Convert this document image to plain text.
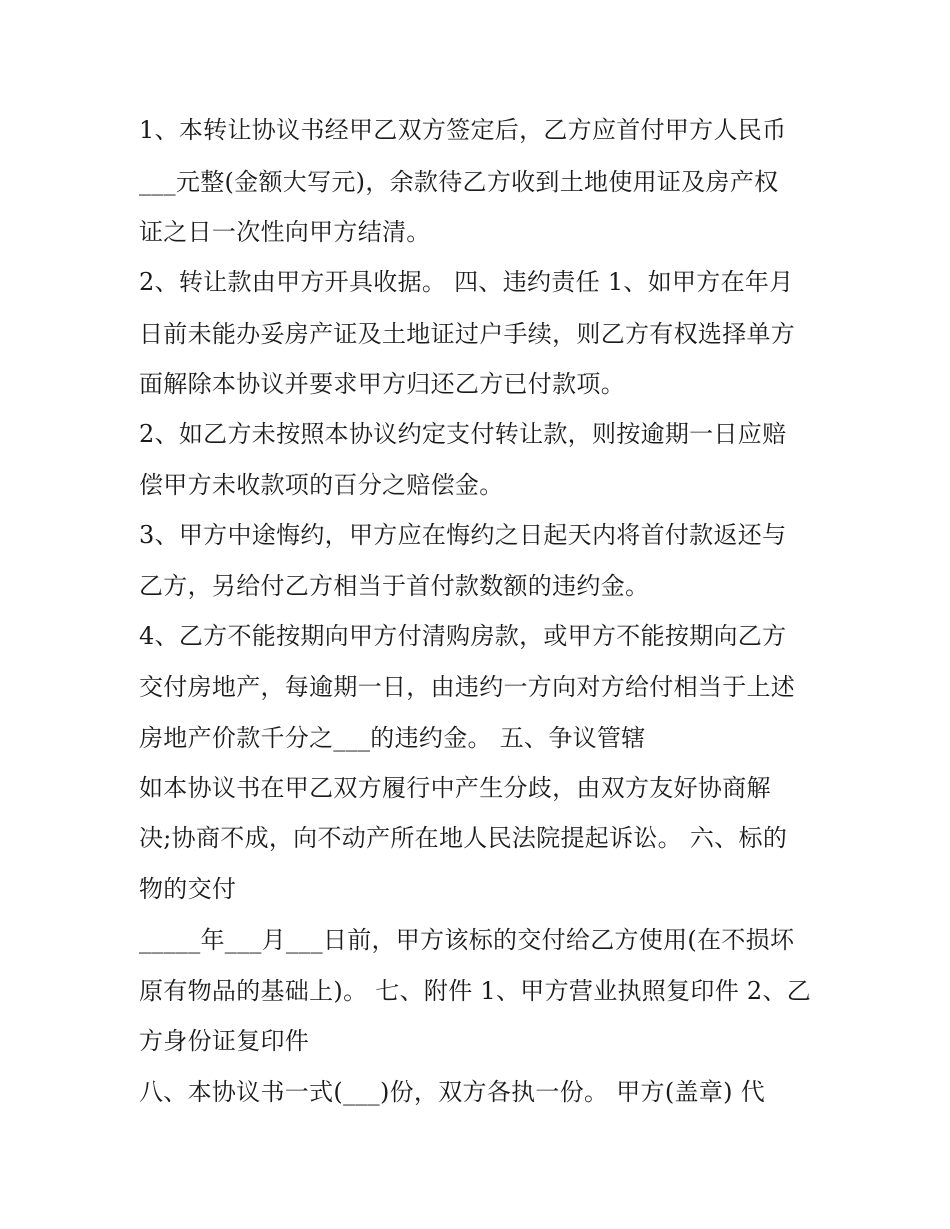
1、本转让协议书经甲乙双方签定后，乙方应首付甲方人民币
___元整(金额大写元)，余款待乙方收到土地使用证及房产权
证之日一次性向甲方结清。
2、转让款由甲方开具收据。 四、违约责任 1、如甲方在年月
日前未能办妥房产证及土地证过户手续，则乙方有权选择单方
面解除本协议并要求甲方归还乙方已付款项。
2、如乙方未按照本协议约定支付转让款，则按逾期一日应赔
偿甲方未收款项的百分之赔偿金。
3、甲方中途悔约，甲方应在悔约之日起天内将首付款返还与
乙方，另给付乙方相当于首付款数额的违约金。
4、乙方不能按期向甲方付清购房款，或甲方不能按期向乙方
交付房地产，每逾期一日，由违约一方向对方给付相当于上述
房地产价款千分之___的违约金。 五、争议管辖
如本协议书在甲乙双方履行中产生分歧，由双方友好协商解
决;协商不成，向不动产所在地人民法院提起诉讼。 六、标的
物的交付
_____年___月___日前，甲方该标的交付给乙方使用(在不损坏
原有物品的基础上)。 七、附件 1、甲方营业执照复印件 2、乙
方身份证复印件
八、本协议书一式(___)份，双方各执一份。 甲方(盖章) 代
